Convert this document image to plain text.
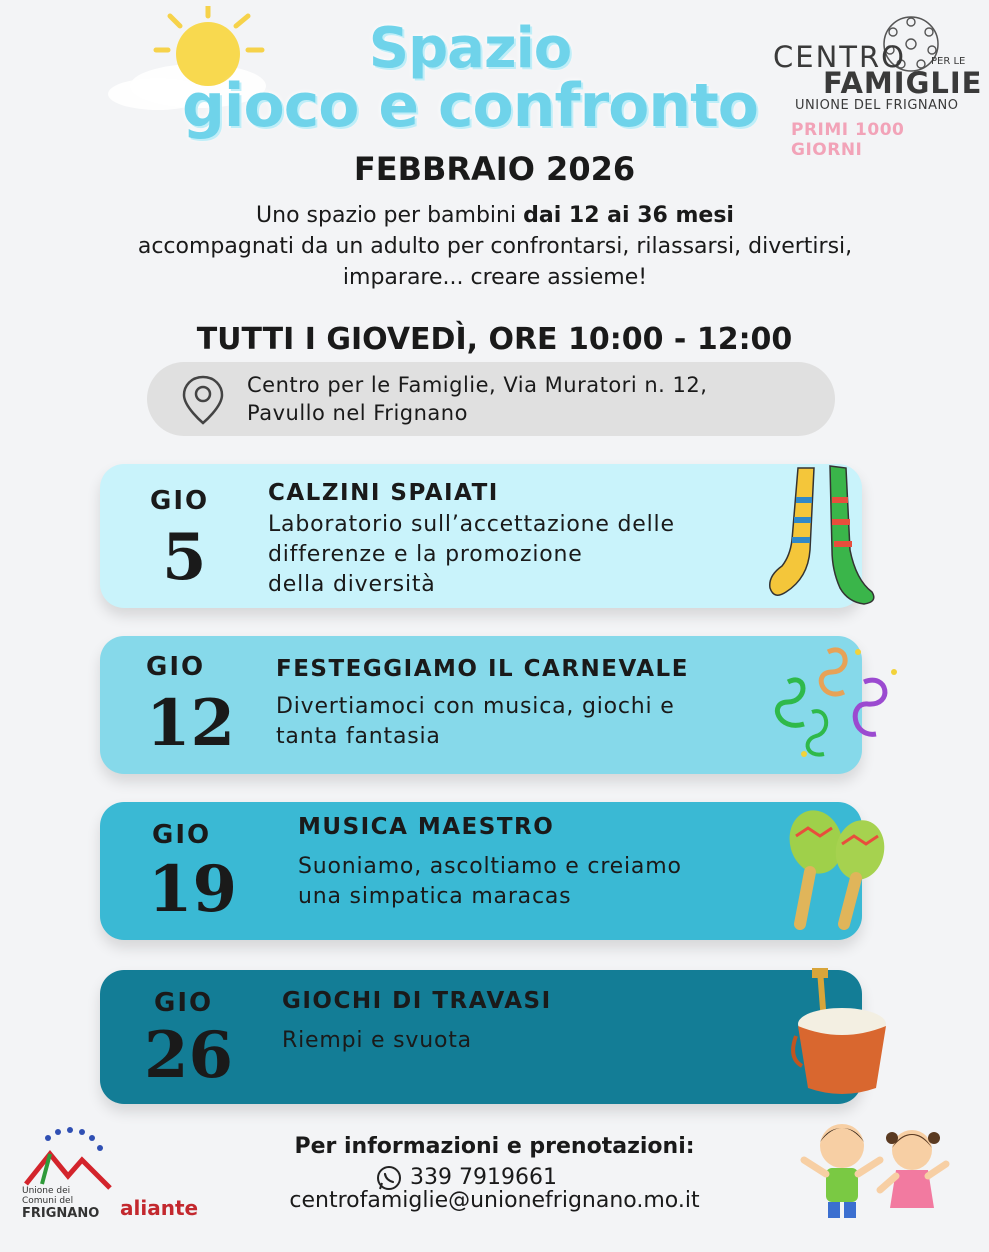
Spazio
gioco e confronto
CENTRO	PER LE
FAMIGLIE
UNIONE DEL FRIGNANO
PRIMI 1000 GIORNI
FEBBRAIO 2026
Uno spazio per bambini dai 12 ai 36 mesi
accompagnati da un adulto per confrontarsi, rilassarsi, divertirsi, imparare... creare assieme!
TUTTI I GIOVEDÌ, ORE 10:00 - 12:00
Centro per le Famiglie, Via Muratori n. 12,
Pavullo nel Frignano
GIO
5
CALZINI SPAIATI
Laboratorio sull’accettazione delle
differenze e la promozione
della diversità
GIO
12
FESTEGGIAMO IL CARNEVALE
Divertiamoci con musica, giochi e
tanta fantasia
GIO
19
MUSICA MAESTRO
Suoniamo, ascoltiamo e creiamo
una simpatica maracas
GIO
26
GIOCHI DI TRAVASI
Riempi e svuota
Unione dei
Comuni del
FRIGNANO aliante
Per informazioni e prenotazioni:
339 7919661
centrofamiglie@unionefrignano.mo.it
